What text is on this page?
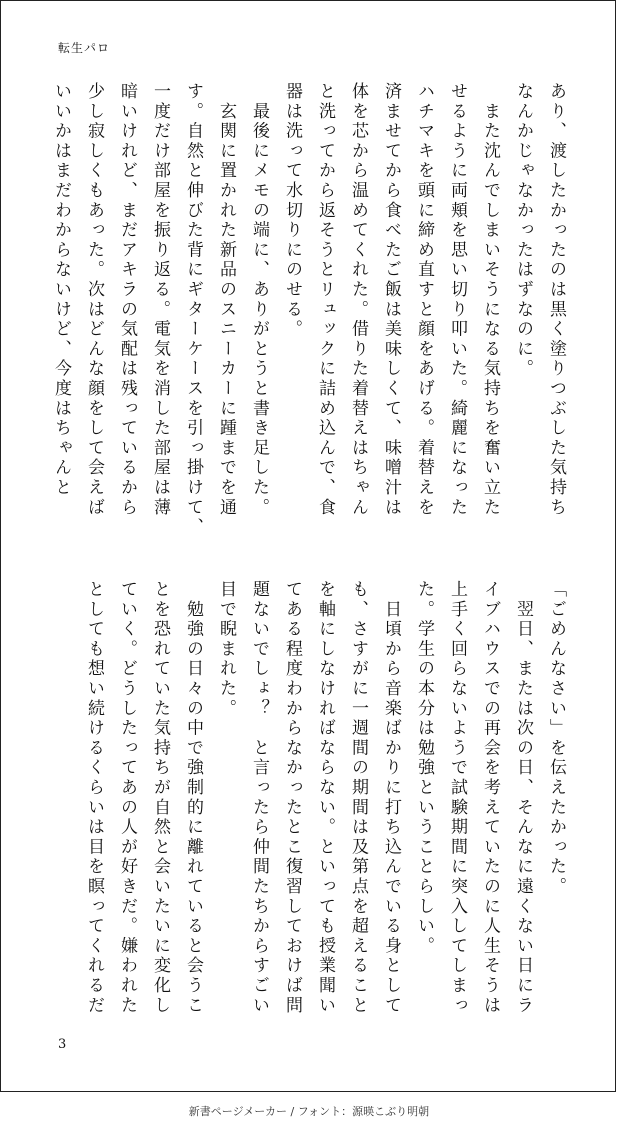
転生パロ

あり、渡したかったのは黒く塗りつぶした気持ち

なんかじゃなかったはずなのに。

　また沈んでしまいそうになる気持ちを奮い立た

せるように両頬を思い切り叩いた。綺麗になった

ハチマキを頭に締め直すと顔をあげる。着替えを

済ませてから食べたご飯は美味しくて、味噌汁は

体を芯から温めてくれた。借りた着替えはちゃん

と洗ってから返そうとリュックに詰め込んで、食

器は洗って水切りにのせる。

　最後にメモの端に、ありがとうと書き足した。

　玄関に置かれた新品のスニーカーに踵までを通

す。自然と伸びた背にギターケースを引っ掛けて、

一度だけ部屋を振り返る。電気を消した部屋は薄

暗いけれど、まだアキラの気配は残っているから

少し寂しくもあった。次はどんな顔をして会えば

いいかはまだわからないけど、今度はちゃんと

「ごめんなさい」を伝えたかった。

　翌日、または次の日、そんなに遠くない日にラ

イブハウスでの再会を考えていたのに人生そうは

上手く回らないようで試験期間に突入してしまっ

た。学生の本分は勉強ということらしい。

　日頃から音楽ばかりに打ち込んでいる身として

も、さすがに一週間の期間は及第点を超えること

を軸にしなければならない。といっても授業聞い

てある程度わからなかったとこ復習しておけば問

題ないでしょ？　と言ったら仲間たちからすごい

目で睨まれた。

　勉強の日々の中で強制的に離れていると会うこ

とを恐れていた気持ちが自然と会いたいに変化し

ていく。どうしたってあの人が好きだ。嫌われた

としても想い続けるくらいは目を瞑ってくれるだ

3
新書ページメーカー / フォント：源暎こぶり明朝
